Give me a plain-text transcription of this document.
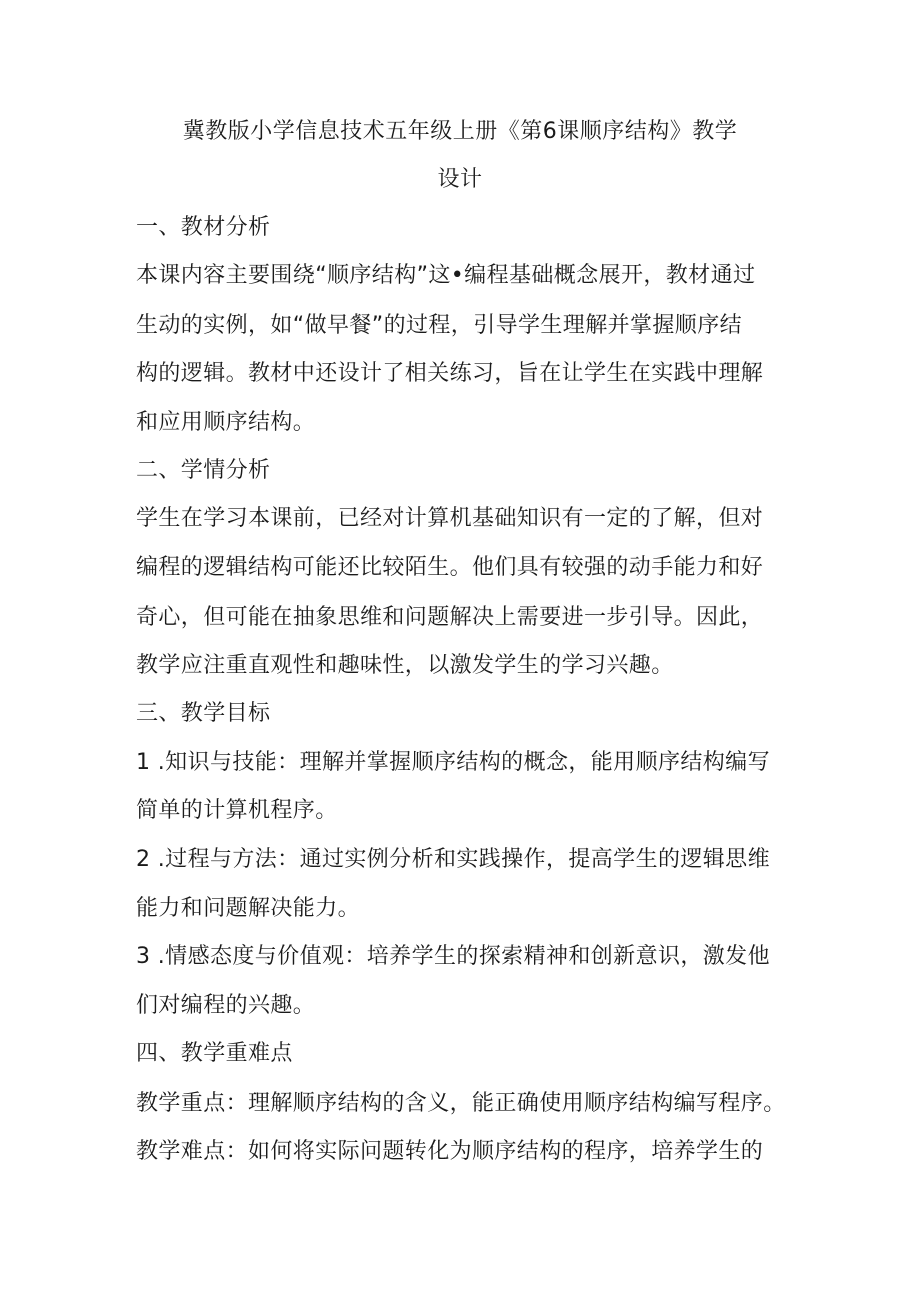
冀教版小学信息技术五年级上册《第6课顺序结构》教学
设计
一、教材分析
本课内容主要围绕“顺序结构”这•编程基础概念展开，教材通过
生动的实例，如“做早餐”的过程，引导学生理解并掌握顺序结
构的逻辑。教材中还设计了相关练习，旨在让学生在实践中理解
和应用顺序结构。
二、学情分析
学生在学习本课前，已经对计算机基础知识有一定的了解，但对
编程的逻辑结构可能还比较陌生。他们具有较强的动手能力和好
奇心，但可能在抽象思维和问题解决上需要进一步引导。因此，
教学应注重直观性和趣味性，以激发学生的学习兴趣。
三、教学目标
1 .知识与技能：理解并掌握顺序结构的概念，能用顺序结构编写
简单的计算机程序。
2 .过程与方法：通过实例分析和实践操作，提高学生的逻辑思维
能力和问题解决能力。
3 .情感态度与价值观：培养学生的探索精神和创新意识，激发他
们对编程的兴趣。
四、教学重难点
教学重点：理解顺序结构的含义，能正确使用顺序结构编写程序。
教学难点：如何将实际问题转化为顺序结构的程序，培养学生的
